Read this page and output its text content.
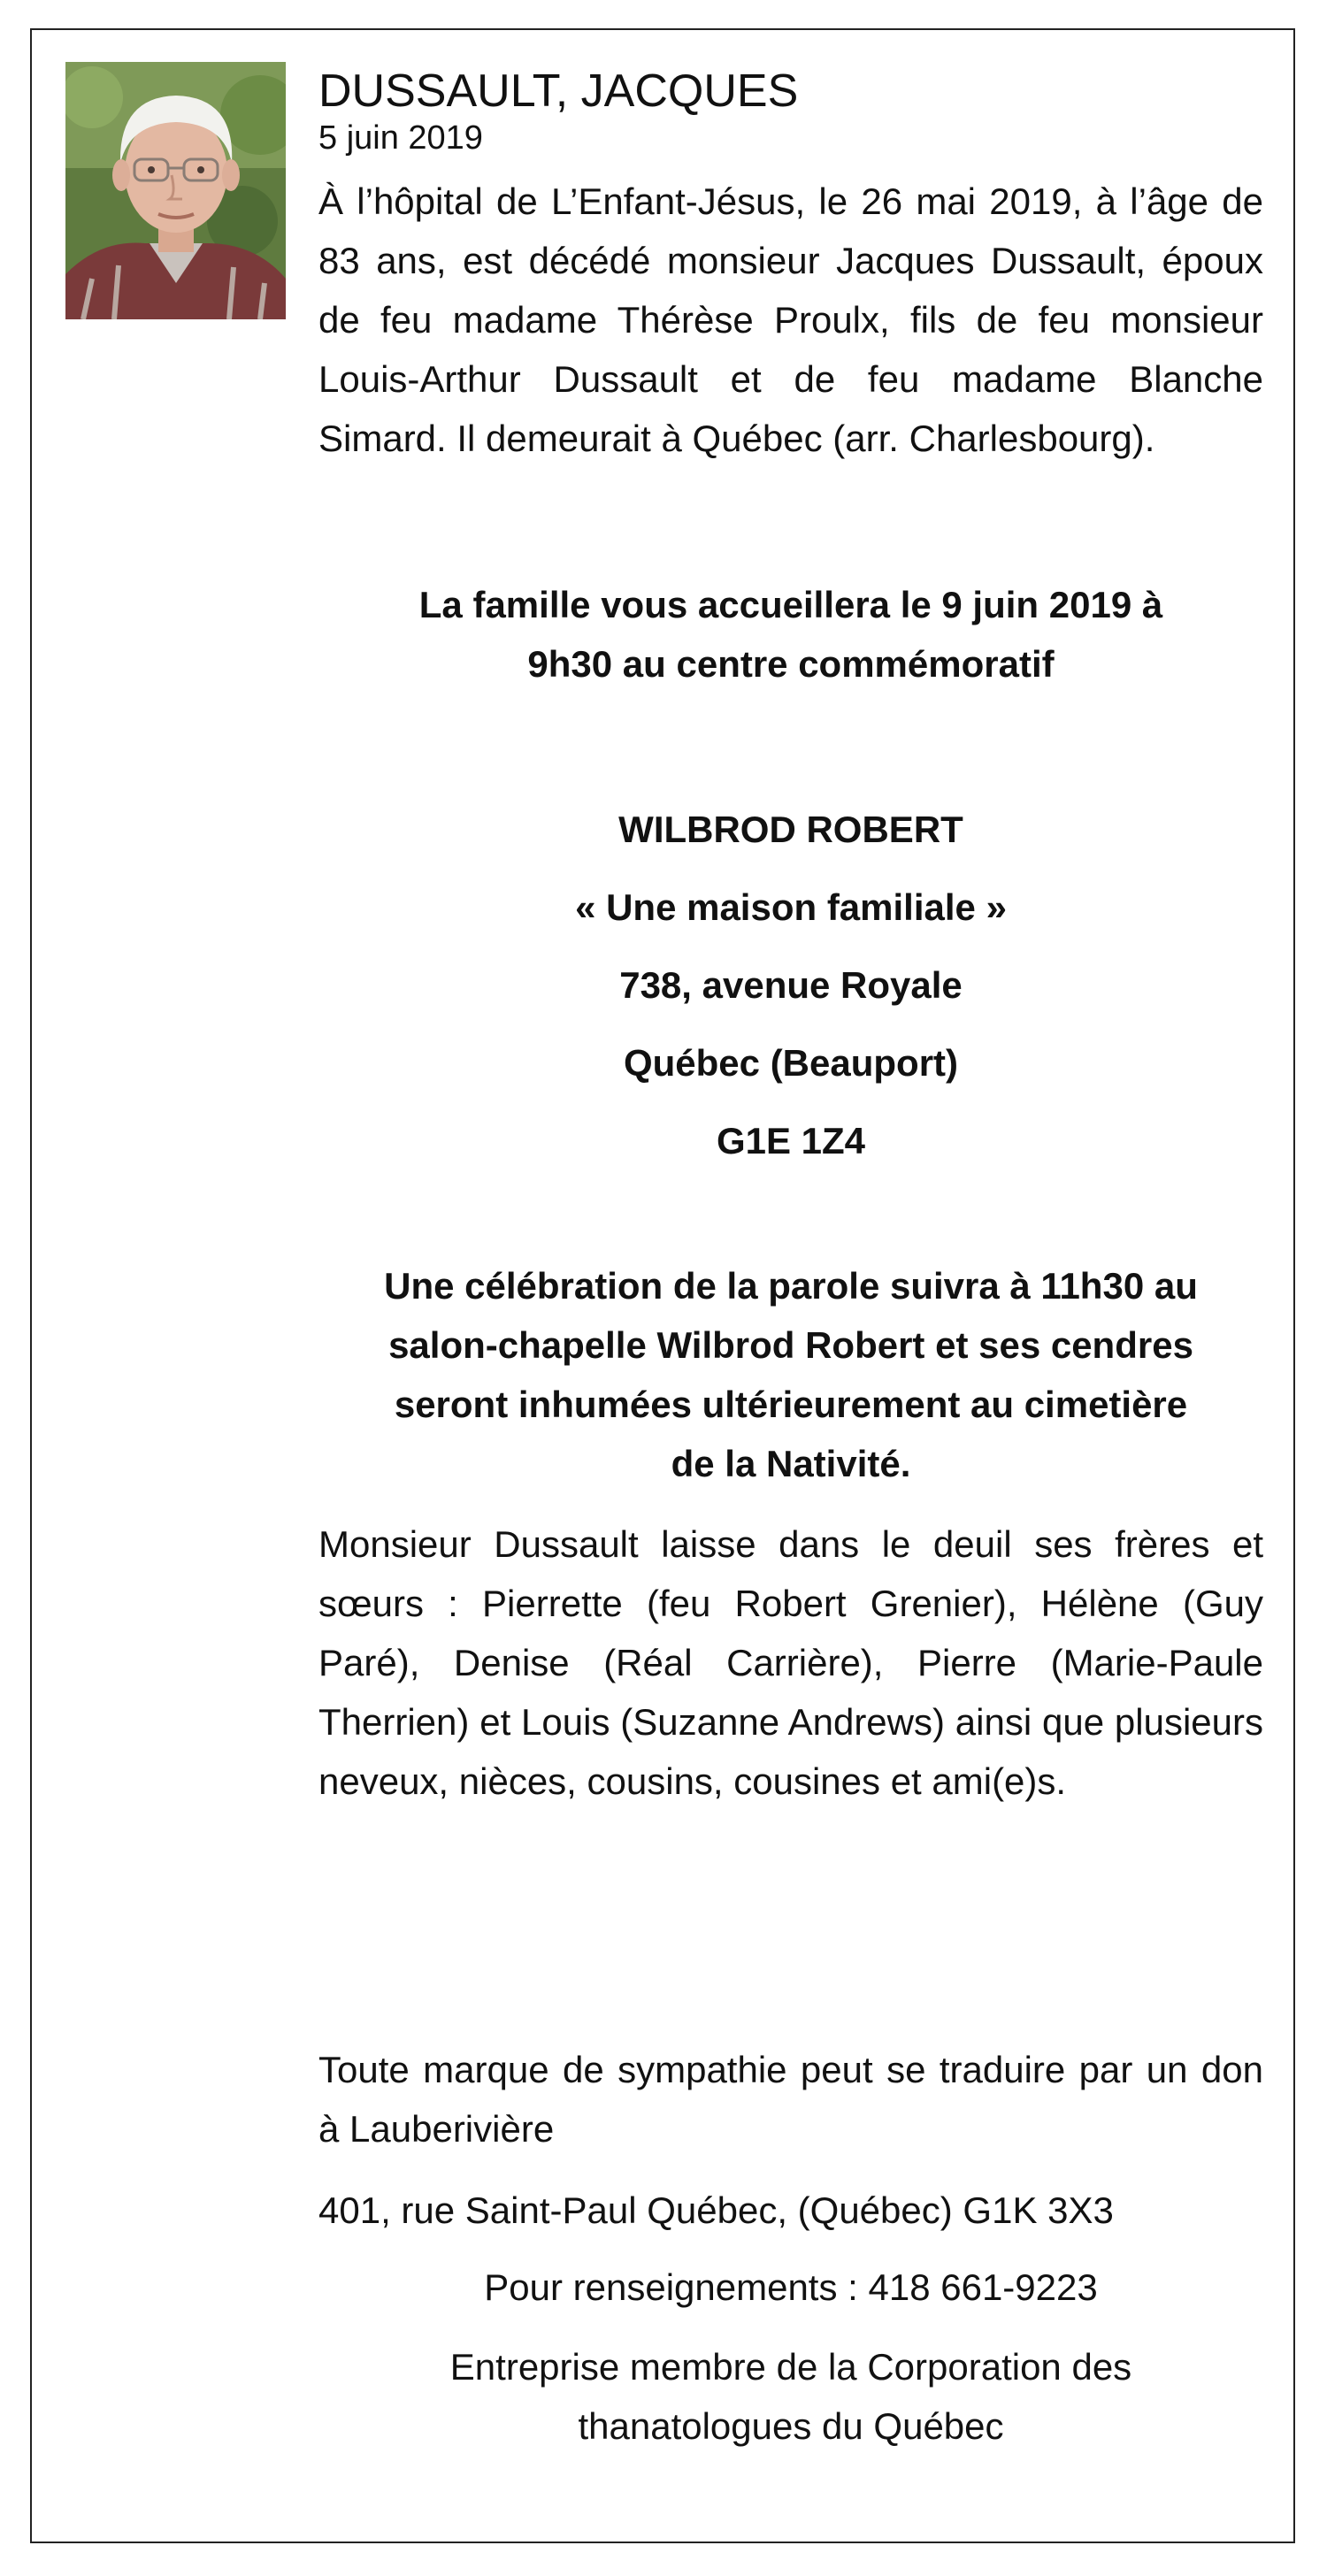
DUSSAULT, JACQUES
5 juin 2019

À l’hôpital de L’Enfant-Jésus, le 26 mai 2019, à l’âge de 83 ans, est décédé monsieur Jacques Dussault, époux de feu madame Thérèse Proulx, fils de feu monsieur Louis-Arthur Dussault et de feu madame Blanche Simard. Il demeurait à Québec (arr. Charlesbourg).

La famille vous accueillera le 9 juin 2019 à
9h30 au centre commémoratif
WILBROD ROBERT
« Une maison familiale »
738, avenue Royale
Québec (Beauport)
G1E 1Z4
Une célébration de la parole suivra à 11h30 au
salon-chapelle Wilbrod Robert et ses cendres
seront inhumées ultérieurement au cimetière
de la Nativité.

Monsieur Dussault laisse dans le deuil ses frères et sœurs : Pierrette (feu Robert Grenier), Hélène (Guy Paré), Denise (Réal Carrière), Pierre (Marie-Paule Therrien) et Louis (Suzanne Andrews) ainsi que plusieurs neveux, nièces, cousins, cousines et ami(e)s.

Toute marque de sympathie peut se traduire par un don à Lauberivière

401, rue Saint-Paul Québec, (Québec) G1K 3X3
Pour renseignements : 418 661-9223
Entreprise membre de la Corporation des
thanatologues du Québec
